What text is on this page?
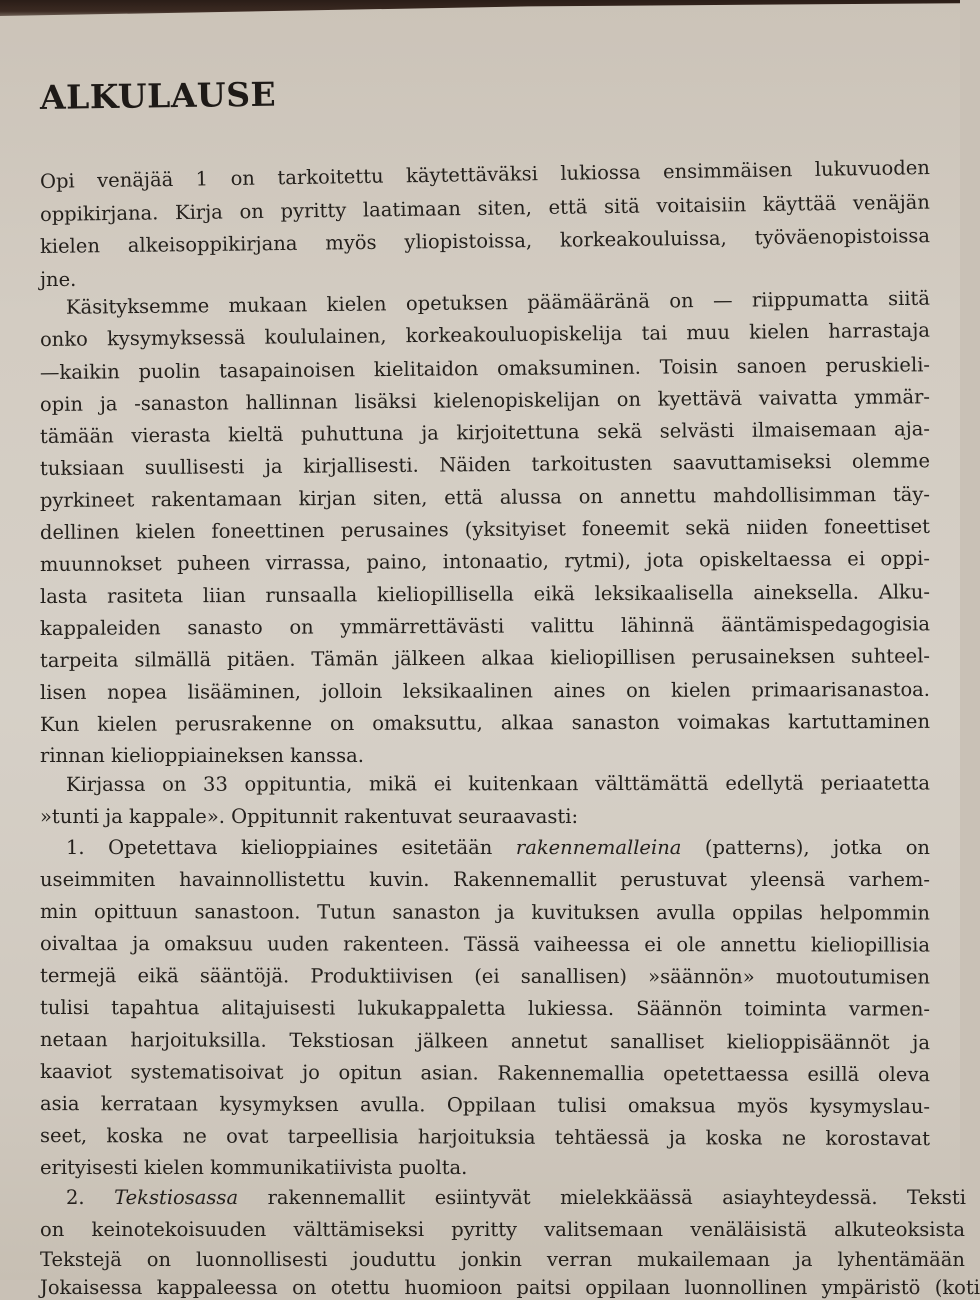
ALKULAUSE

Opi venäjää 1 on tarkoitettu käytettäväksi lukiossa ensimmäisen lukuvuoden

oppikirjana. Kirja on pyritty laatimaan siten, että sitä voitaisiin käyttää venäjän

kielen alkeisoppikirjana myös yliopistoissa, korkeakouluissa, työväenopistoissa

jne.

Käsityksemme mukaan kielen opetuksen päämääränä on — riippumatta siitä

onko kysymyksessä koululainen, korkeakouluopiskelija tai muu kielen harrastaja

—kaikin puolin tasapainoisen kielitaidon omaksuminen. Toisin sanoen peruskieli-

opin ja -sanaston hallinnan lisäksi kielenopiskelijan on kyettävä vaivatta ymmär-

tämään vierasta kieltä puhuttuna ja kirjoitettuna sekä selvästi ilmaisemaan aja-

tuksiaan suullisesti ja kirjallisesti. Näiden tarkoitusten saavuttamiseksi olemme

pyrkineet rakentamaan kirjan siten, että alussa on annettu mahdollisimman täy-

dellinen kielen foneettinen perusaines (yksityiset foneemit sekä niiden foneettiset

muunnokset puheen virrassa, paino, intonaatio, rytmi), jota opiskeltaessa ei oppi-

lasta rasiteta liian runsaalla kieliopillisella eikä leksikaalisella aineksella. Alku-

kappaleiden sanasto on ymmärrettävästi valittu lähinnä ääntämispedagogisia

tarpeita silmällä pitäen. Tämän jälkeen alkaa kieliopillisen perusaineksen suhteel-

lisen nopea lisääminen, jolloin leksikaalinen aines on kielen primaarisanastoa.

Kun kielen perusrakenne on omaksuttu, alkaa sanaston voimakas kartuttaminen

rinnan kielioppiaineksen kanssa.

Kirjassa on 33 oppituntia, mikä ei kuitenkaan välttämättä edellytä periaatetta

»tunti ja kappale». Oppitunnit rakentuvat seuraavasti:

1. Opetettava kielioppiaines esitetään rakennemalleina (patterns), jotka on

useimmiten havainnollistettu kuvin. Rakennemallit perustuvat yleensä varhem-

min opittuun sanastoon. Tutun sanaston ja kuvituksen avulla oppilas helpommin

oivaltaa ja omaksuu uuden rakenteen. Tässä vaiheessa ei ole annettu kieliopillisia

termejä eikä sääntöjä. Produktiivisen (ei sanallisen) »säännön» muotoutumisen

tulisi tapahtua alitajuisesti lukukappaletta lukiessa. Säännön toiminta varmen-

netaan harjoituksilla. Tekstiosan jälkeen annetut sanalliset kielioppisäännöt ja

kaaviot systematisoivat jo opitun asian. Rakennemallia opetettaessa esillä oleva

asia kerrataan kysymyksen avulla. Oppilaan tulisi omaksua myös kysymyslau-

seet, koska ne ovat tarpeellisia harjoituksia tehtäessä ja koska ne korostavat

erityisesti kielen kommunikatiivista puolta.

2. Tekstiosassa rakennemallit esiintyvät mielekkäässä asiayhteydessä. Teksti

on keinotekoisuuden välttämiseksi pyritty valitsemaan venäläisistä alkuteoksista

Tekstejä on luonnollisesti jouduttu jonkin verran mukailemaan ja lyhentämään

Jokaisessa kappaleessa on otettu huomioon paitsi oppilaan luonnollinen ympäristö (koti
